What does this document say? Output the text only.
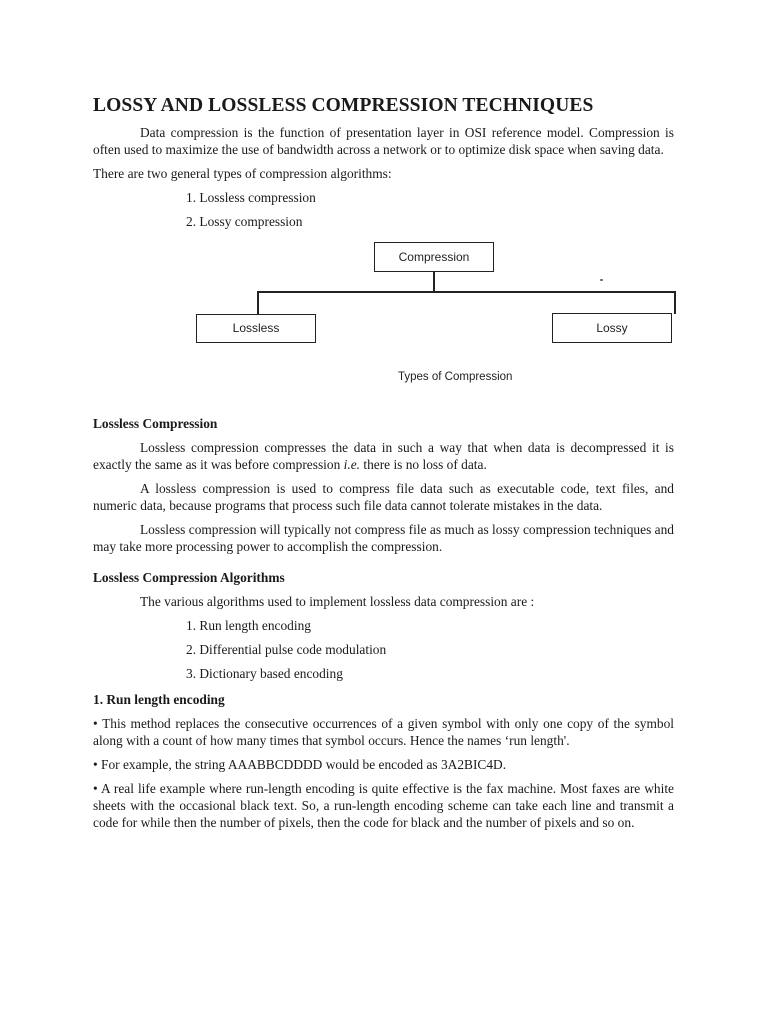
LOSSY AND LOSSLESS COMPRESSION TECHNIQUES

Data compression is the function of presentation layer in OSI reference model. Compression is often used to maximize the use of bandwidth across a network or to optimize disk space when saving data.

There are two general types of compression algorithms:

1. Lossless compression
2. Lossy compression
Compression
Lossless	Lossy
Types of Compression
Lossless Compression

Lossless compression compresses the data in such a way that when data is decompressed it is exactly the same as it was before compression i.e. there is no loss of data.

A lossless compression is used to compress file data such as executable code, text files, and numeric data, because programs that process such file data cannot tolerate mistakes in the data.

Lossless compression will typically not compress file as much as lossy compression techniques and may take more processing power to accomplish the compression.

Lossless Compression Algorithms

The various algorithms used to implement lossless data compression are :

1. Run length encoding
2. Differential pulse code modulation
3. Dictionary based encoding
1. Run length encoding

• This method replaces the consecutive occurrences of a given symbol with only one copy of the symbol along with a count of how many times that symbol occurs. Hence the names ‘run length'.

• For example, the string AAABBCDDDD would be encoded as 3A2BIC4D.

• A real life example where run-length encoding is quite effective is the fax machine. Most faxes are white sheets with the occasional black text. So, a run-length encoding scheme can take each line and transmit a code for while then the number of pixels, then the code for black and the number of pixels and so on.
